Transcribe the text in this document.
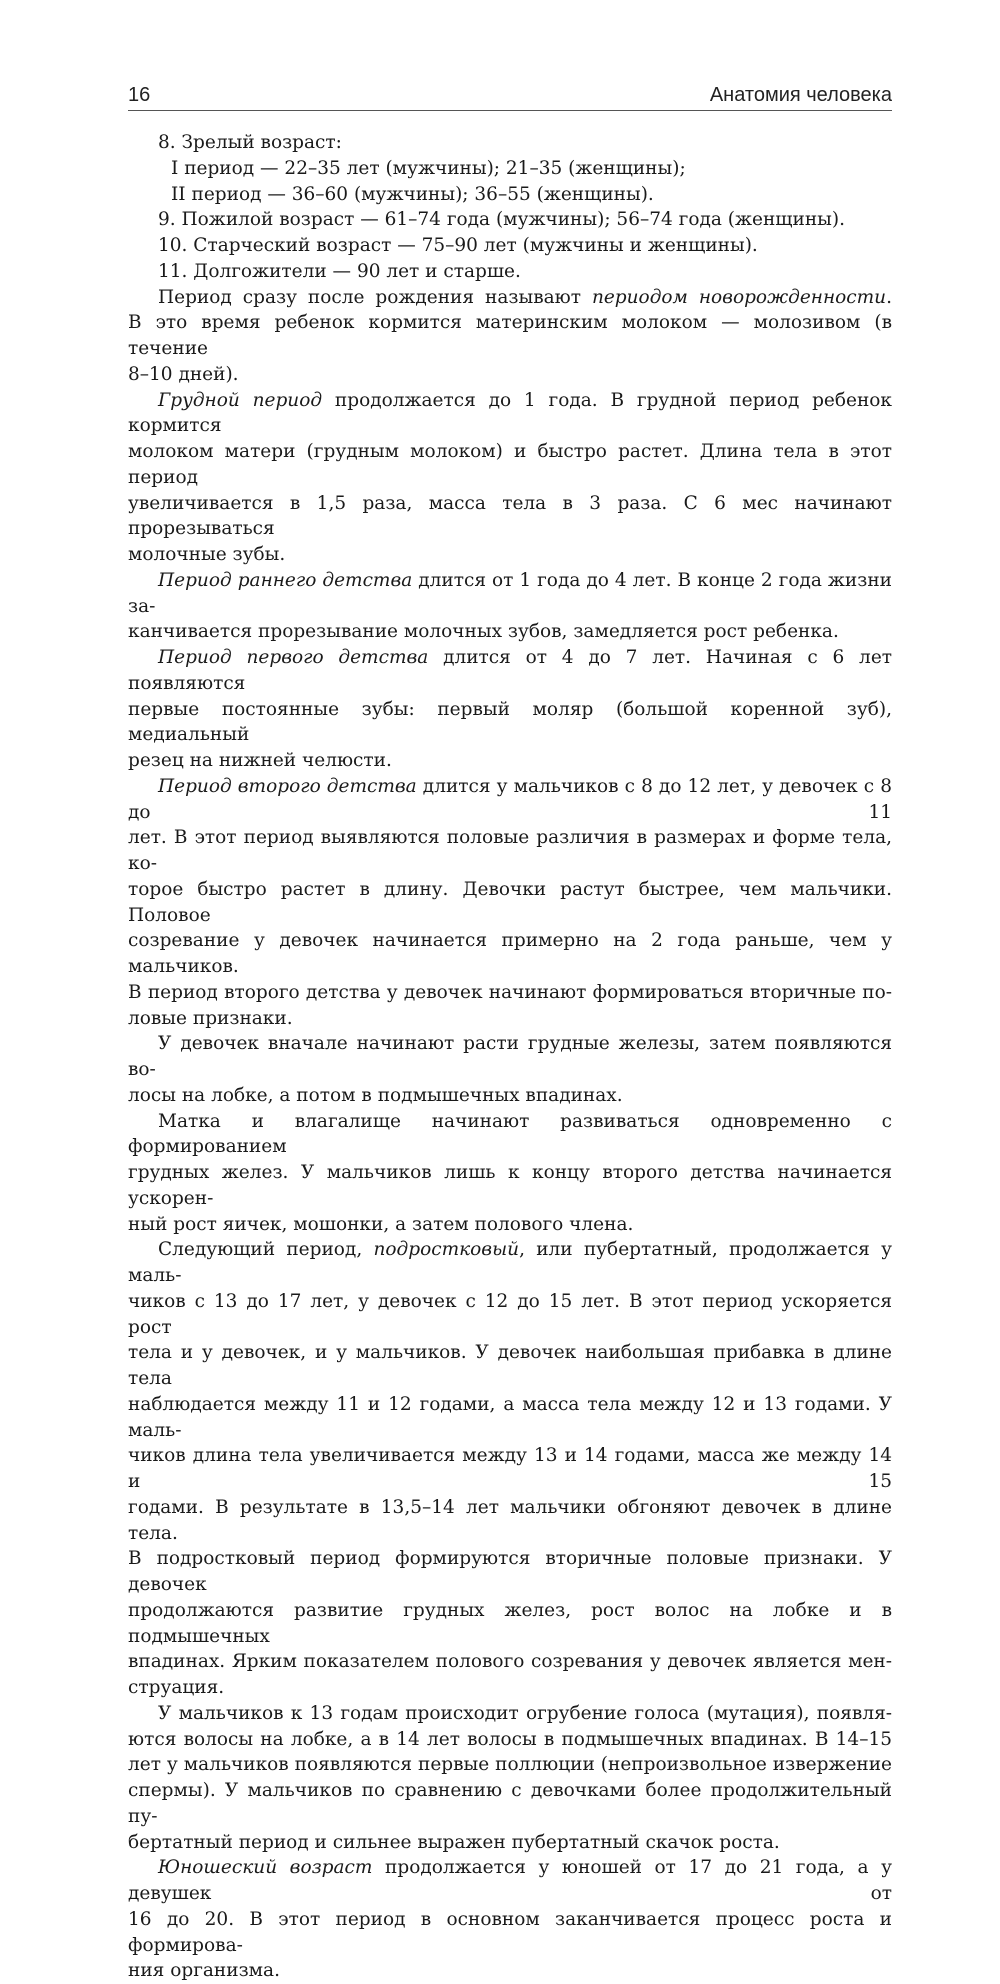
16	Анатомия человека

8. Зрелый возраст:

I период — 22–35 лет (мужчины); 21–35 (женщины);

II период — 36–60 (мужчины); 36–55 (женщины).

9. Пожилой возраст — 61–74 года (мужчины); 56–74 года (женщины).

10. Старческий возраст — 75–90 лет (мужчины и женщины).

11. Долгожители — 90 лет и старше.

Период сразу после рождения называют периодом новорожденности.
В это время ребенок кормится материнским молоком — молозивом (в течение
8–10 дней).
Грудной период продолжается до 1 года. В грудной период ребенок кормится
молоком матери (грудным молоком) и быстро растет. Длина тела в этот период
увеличивается в 1,5 раза, масса тела в 3 раза. С 6 мес начинают прорезываться
молочные зубы.
Период раннего детства длится от 1 года до 4 лет. В конце 2 года жизни за-
канчивается прорезывание молочных зубов, замедляется рост ребенка.
Период первого детства длится от 4 до 7 лет. Начиная с 6 лет появляются
первые постоянные зубы: первый моляр (большой коренной зуб), медиальный
резец на нижней челюсти.
Период второго детства длится у мальчиков с 8 до 12 лет, у девочек с 8 до 11
лет. В этот период выявляются половые различия в размерах и форме тела, ко-
торое быстро растет в длину. Девочки растут быстрее, чем мальчики. Половое
созревание у девочек начинается примерно на 2 года раньше, чем у мальчиков.
В период второго детства у девочек начинают формироваться вторичные по-
ловые признаки.
У девочек вначале начинают расти грудные железы, затем появляются во-
лосы на лобке, а потом в подмышечных впадинах.
Матка и влагалище начинают развиваться одновременно с формированием
грудных желез. У мальчиков лишь к концу второго детства начинается ускорен-
ный рост яичек, мошонки, а затем полового члена.
Следующий период, подростковый, или пубертатный, продолжается у маль-
чиков с 13 до 17 лет, у девочек с 12 до 15 лет. В этот период ускоряется рост
тела и у девочек, и у мальчиков. У девочек наибольшая прибавка в длине тела
наблюдается между 11 и 12 годами, а масса тела между 12 и 13 годами. У маль-
чиков длина тела увеличивается между 13 и 14 годами, масса же между 14 и 15
годами. В результате в 13,5–14 лет мальчики обгоняют девочек в длине тела.
В подростковый период формируются вторичные половые признаки. У девочек
продолжаются развитие грудных желез, рост волос на лобке и в подмышечных
впадинах. Ярким показателем полового созревания у девочек является мен-
струация.
У мальчиков к 13 годам происходит огрубение голоса (мутация), появля-
ются волосы на лобке, а в 14 лет волосы в подмышечных впадинах. В 14–15
лет у мальчиков появляются первые поллюции (непроизвольное извержение
спермы). У мальчиков по сравнению с девочками более продолжительный пу-
бертатный период и сильнее выражен пубертатный скачок роста.
Юношеский возраст продолжается у юношей от 17 до 21 года, а у девушек от
16 до 20. В этот период в основном заканчивается процесс роста и формирова-
ния организма.
